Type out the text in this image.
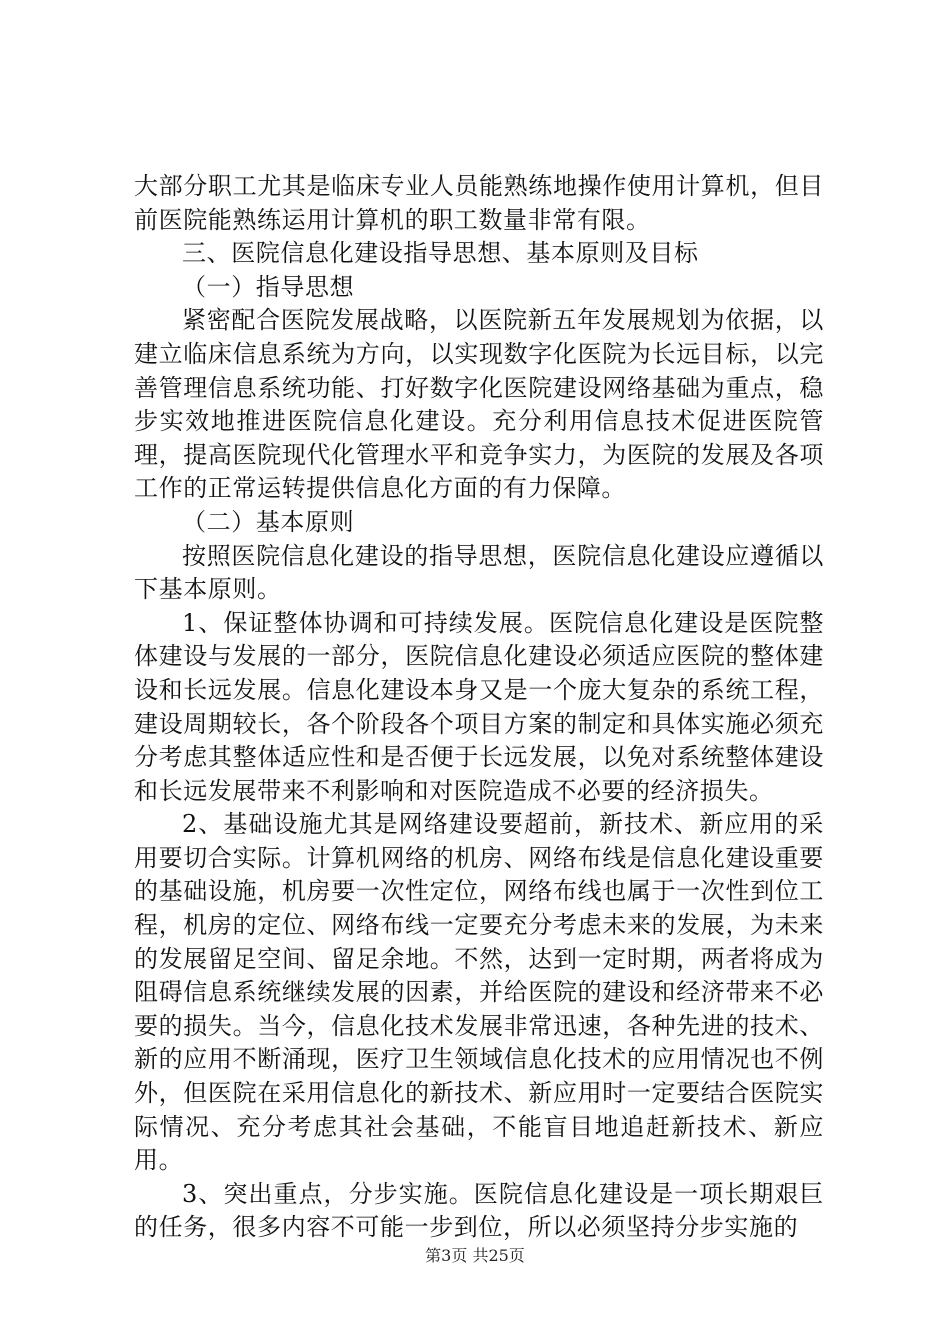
大部分职工尤其是临床专业人员能熟练地操作使用计算机，但目前医院能熟练运用计算机的职工数量非常有限。

三、医院信息化建设指导思想、基本原则及目标

（一）指导思想

紧密配合医院发展战略，以医院新五年发展规划为依据，以建立临床信息系统为方向，以实现数字化医院为长远目标，以完善管理信息系统功能、打好数字化医院建设网络基础为重点，稳步实效地推进医院信息化建设。充分利用信息技术促进医院管理，提高医院现代化管理水平和竞争实力，为医院的发展及各项工作的正常运转提供信息化方面的有力保障。

（二）基本原则

按照医院信息化建设的指导思想，医院信息化建设应遵循以下基本原则。

1、保证整体协调和可持续发展。医院信息化建设是医院整体建设与发展的一部分，医院信息化建设必须适应医院的整体建设和长远发展。信息化建设本身又是一个庞大复杂的系统工程，建设周期较长，各个阶段各个项目方案的制定和具体实施必须充分考虑其整体适应性和是否便于长远发展，以免对系统整体建设和长远发展带来不利影响和对医院造成不必要的经济损失。

2、基础设施尤其是网络建设要超前，新技术、新应用的采用要切合实际。计算机网络的机房、网络布线是信息化建设重要的基础设施，机房要一次性定位，网络布线也属于一次性到位工程，机房的定位、网络布线一定要充分考虑未来的发展，为未来的发展留足空间、留足余地。不然，达到一定时期，两者将成为阻碍信息系统继续发展的因素，并给医院的建设和经济带来不必要的损失。当今，信息化技术发展非常迅速，各种先进的技术、新的应用不断涌现，医疗卫生领域信息化技术的应用情况也不例外，但医院在采用信息化的新技术、新应用时一定要结合医院实际情况、充分考虑其社会基础，不能盲目地追赶新技术、新应用。

3、突出重点，分步实施。医院信息化建设是一项长期艰巨的任务，很多内容不可能一步到位，所以必须坚持分步实施的

第3页 共25页
